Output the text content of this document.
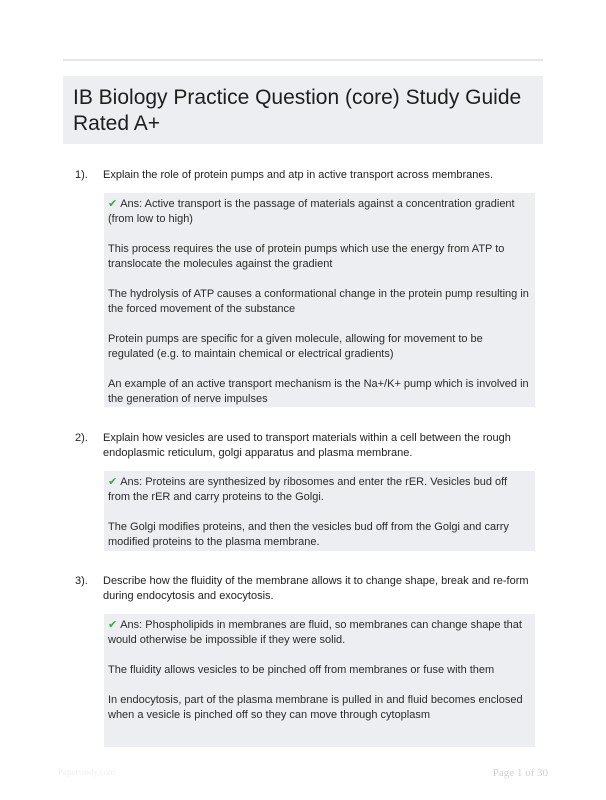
IB Biology Practice Question (core) Study Guide Rated A+
1). Explain the role of protein pumps and atp in active transport across membranes.

✔ Ans: Active transport is the passage of materials against a concentration gradient (from low to high)

This process requires the use of protein pumps which use the energy from ATP to translocate the molecules against the gradient

The hydrolysis of ATP causes a conformational change in the protein pump resulting in the forced movement of the substance

Protein pumps are specific for a given molecule, allowing for movement to be regulated (e.g. to maintain chemical or electrical gradients)

An example of an active transport mechanism is the Na+/K+ pump which is involved in the generation of nerve impulses

2). Explain how vesicles are used to transport materials within a cell between the rough endoplasmic reticulum, golgi apparatus and plasma membrane.

✔ Ans: Proteins are synthesized by ribosomes and enter the rER. Vesicles bud off from the rER and carry proteins to the Golgi.

The Golgi modifies proteins, and then the vesicles bud off from the Golgi and carry modified proteins to the plasma membrane.

3). Describe how the fluidity of the membrane allows it to change shape, break and re-form during endocytosis and exocytosis.

✔ Ans: Phospholipids in membranes are fluid, so membranes can change shape that would otherwise be impossible if they were solid.

The fluidity allows vesicles to be pinched off from membranes or fuse with them

In endocytosis, part of the plasma membrane is pulled in and fluid becomes enclosed when a vesicle is pinched off so they can move through cytoplasm

Paperstudy.com	Page 1 of 30
